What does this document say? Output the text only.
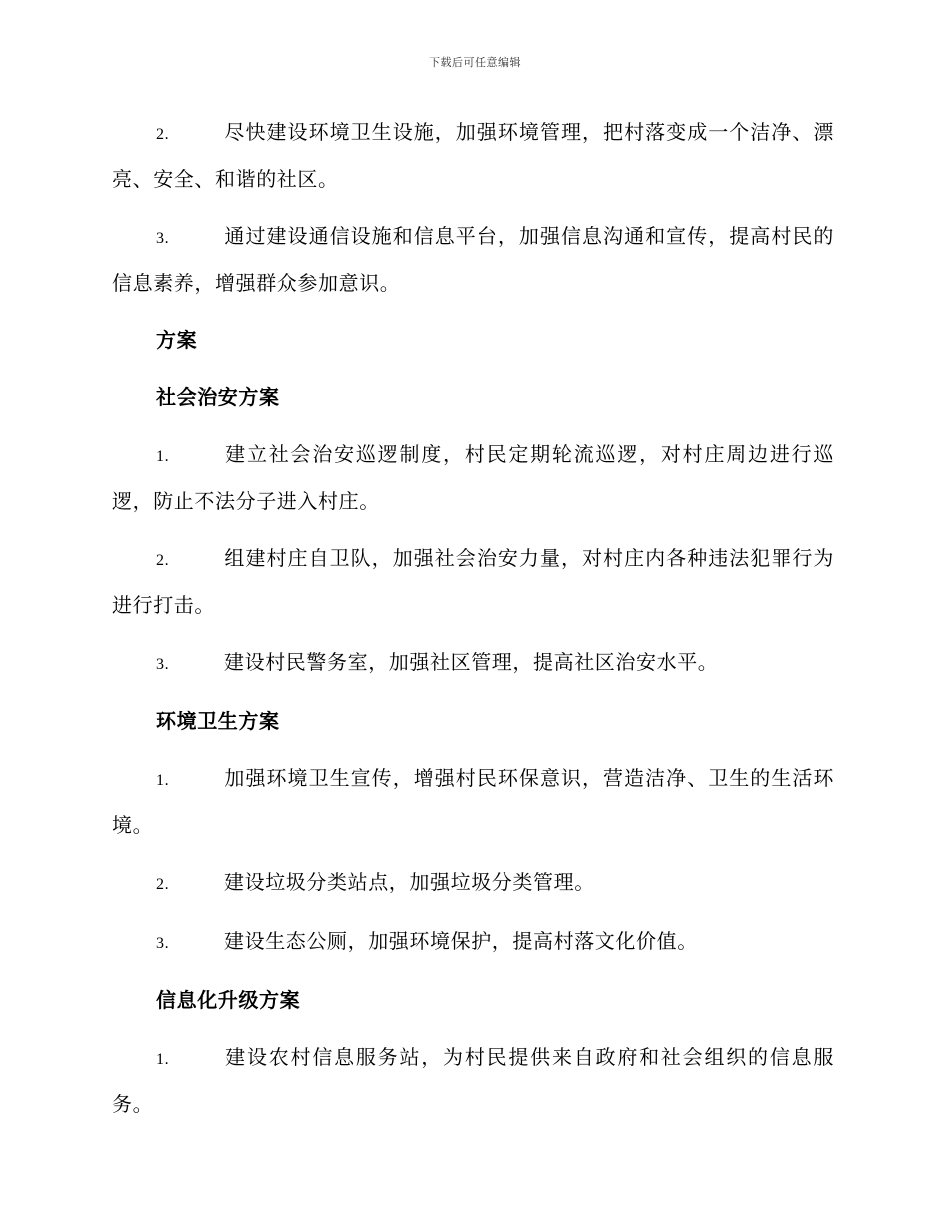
下载后可任意编辑

2.	尽快建设环境卫生设施，加强环境管理，把村落变成一个洁净、漂亮、安全、和谐的社区。

3.	通过建设通信设施和信息平台，加强信息沟通和宣传，提高村民的信息素养，增强群众参加意识。

方案
社会治安方案

1.	建立社会治安巡逻制度，村民定期轮流巡逻，对村庄周边进行巡逻，防止不法分子进入村庄。

2.	组建村庄自卫队，加强社会治安力量，对村庄内各种违法犯罪行为进行打击。

3.	建设村民警务室，加强社区管理，提高社区治安水平。

环境卫生方案

1.	加强环境卫生宣传，增强村民环保意识，营造洁净、卫生的生活环境。

2.	建设垃圾分类站点，加强垃圾分类管理。

3.	建设生态公厕，加强环境保护，提高村落文化价值。

信息化升级方案

1.	建设农村信息服务站，为村民提供来自政府和社会组织的信息服务。
